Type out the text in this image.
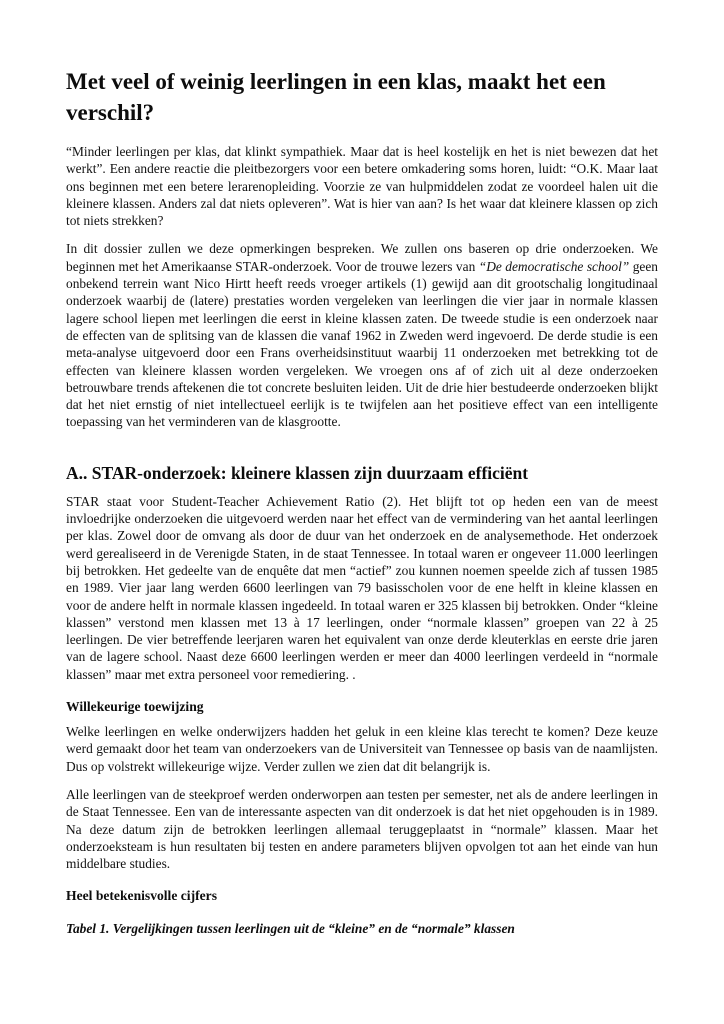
Met veel of weinig leerlingen in een klas, maakt het een verschil?

“Minder leerlingen per klas, dat klinkt sympathiek. Maar dat is heel kostelijk en het is niet bewezen dat het werkt”. Een andere reactie die pleitbezorgers voor een betere omkadering soms horen, luidt: “O.K. Maar laat ons beginnen met een betere lerarenopleiding. Voorzie ze van hulpmiddelen zodat ze voordeel halen uit die kleinere klassen. Anders zal dat niets opleveren”. Wat is hier van aan? Is het waar dat kleinere klassen op zich tot niets strekken?

In dit dossier zullen we deze opmerkingen bespreken. We zullen ons baseren op drie onderzoeken. We beginnen met het Amerikaanse STAR-onderzoek. Voor de trouwe lezers van “De democratische school” geen onbekend terrein want Nico Hirtt heeft reeds vroeger artikels (1) gewijd aan dit grootschalig longitudinaal onderzoek waarbij de (latere) prestaties worden vergeleken van leerlingen die vier jaar in normale klassen lagere school liepen met leerlingen die eerst in kleine klassen zaten. De tweede studie is een onderzoek naar de effecten van de splitsing van de klassen die vanaf 1962 in Zweden werd ingevoerd. De derde studie is een meta-analyse uitgevoerd door een Frans overheidsinstituut waarbij 11 onderzoeken met betrekking tot de effecten van kleinere klassen worden vergeleken. We vroegen ons af of zich uit al deze onderzoeken betrouwbare trends aftekenen die tot concrete besluiten leiden. Uit de drie hier bestudeerde onderzoeken blijkt dat het niet ernstig of niet intellectueel eerlijk is te twijfelen aan het positieve effect van een intelligente toepassing van het verminderen van de klasgrootte.

A.. STAR-onderzoek: kleinere klassen zijn duurzaam efficiënt

STAR staat voor Student-Teacher Achievement Ratio (2). Het blijft tot op heden een van de meest invloedrijke onderzoeken die uitgevoerd werden naar het effect van de vermindering van het aantal leerlingen per klas. Zowel door de omvang als door de duur van het onderzoek en de analysemethode. Het onderzoek werd gerealiseerd in de Verenigde Staten, in de staat Tennessee. In totaal waren er ongeveer 11.000 leerlingen bij betrokken. Het gedeelte van de enquête dat men “actief” zou kunnen noemen speelde zich af tussen 1985 en 1989. Vier jaar lang werden 6600 leerlingen van 79 basisscholen voor de ene helft in kleine klassen en voor de andere helft in normale klassen ingedeeld. In totaal waren er 325 klassen bij betrokken. Onder “kleine klassen” verstond men klassen met 13 à 17 leerlingen, onder “normale klassen” groepen van 22 à 25 leerlingen. De vier betreffende leerjaren waren het equivalent van onze derde kleuterklas en eerste drie jaren van de lagere school. Naast deze 6600 leerlingen werden er meer dan 4000 leerlingen verdeeld in “normale klassen” maar met extra personeel voor remediering. .

Willekeurige toewijzing

Welke leerlingen en welke onderwijzers hadden het geluk in een kleine klas terecht te komen? Deze keuze werd gemaakt door het team van onderzoekers van de Universiteit van Tennessee op basis van de naamlijsten. Dus op volstrekt willekeurige wijze. Verder zullen we zien dat dit belangrijk is.

Alle leerlingen van de steekproef werden onderworpen aan testen per semester, net als de andere leerlingen in de Staat Tennessee. Een van de interessante aspecten van dit onderzoek is dat het niet opgehouden is in 1989. Na deze datum zijn de betrokken leerlingen allemaal teruggeplaatst in “normale” klassen. Maar het onderzoeksteam is hun resultaten bij testen en andere parameters blijven opvolgen tot aan het einde van hun middelbare studies.

Heel betekenisvolle cijfers

Tabel 1. Vergelijkingen tussen leerlingen uit de “kleine” en de “normale” klassen
